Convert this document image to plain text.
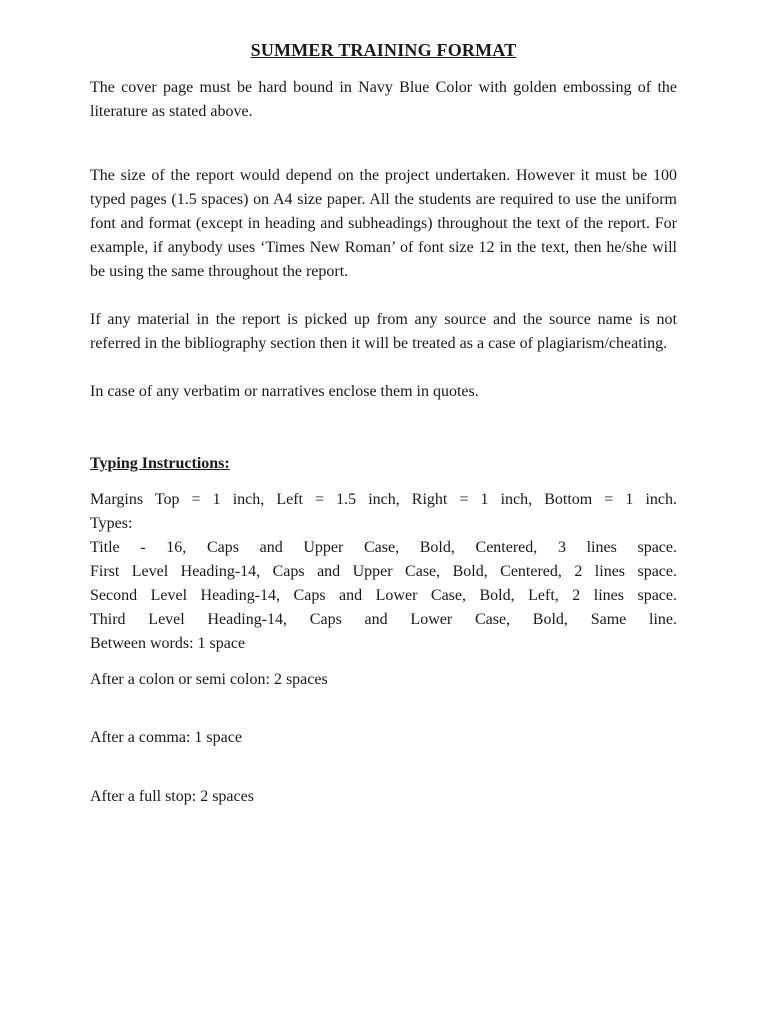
SUMMER TRAINING FORMAT

The cover page must be hard bound in Navy Blue Color with golden embossing of the literature as stated above.

The size of the report would depend on the project undertaken. However it must be 100 typed pages (1.5 spaces) on A4 size paper. All the students are required to use the uniform font and format (except in heading and subheadings) throughout the text of the report. For example, if anybody uses ‘Times New Roman’ of font size 12 in the text, then he/she will be using the same throughout the report.

If any material in the report is picked up from any source and the source name is not referred in the bibliography section then it will be treated as a case of plagiarism/cheating.

In case of any verbatim or narratives enclose them in quotes.

Typing Instructions:

Margins Top = 1 inch, Left = 1.5 inch, Right = 1 inch, Bottom = 1 inch.

Types:

Title - 16, Caps and Upper Case, Bold, Centered, 3 lines space.

First Level Heading-14, Caps and Upper Case, Bold, Centered, 2 lines space.

Second Level Heading-14, Caps and Lower Case, Bold, Left, 2 lines space.

Third Level Heading-14, Caps and Lower Case, Bold, Same line.

Between words: 1 space

After a colon or semi colon: 2 spaces

After a comma: 1 space

After a full stop: 2 spaces
